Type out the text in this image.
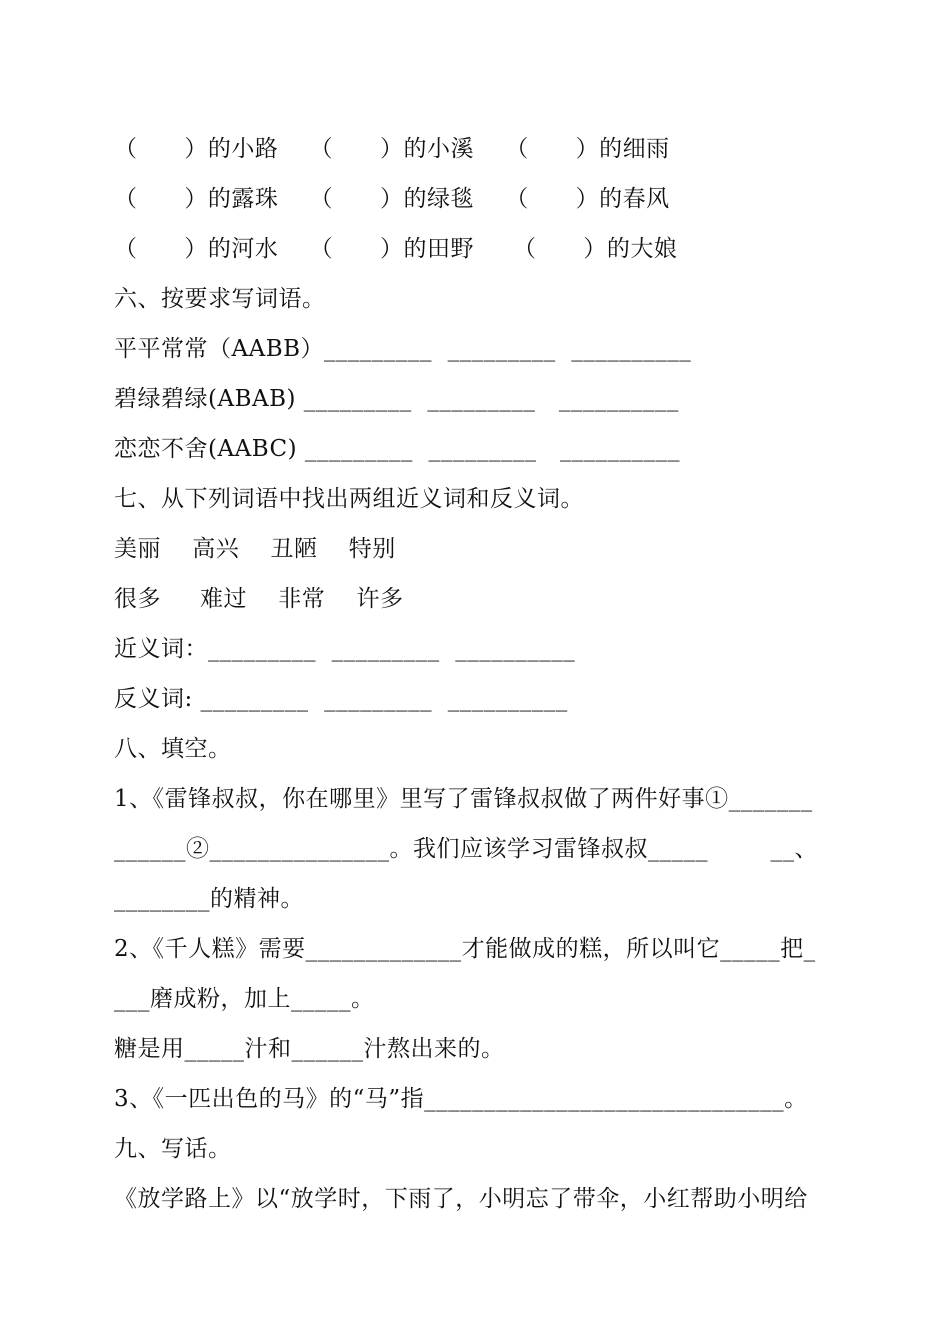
（      ）的小路    （      ）的小溪    （      ）的细雨
（      ）的露珠    （      ）的绿毯    （      ）的春风
（      ）的河水    （      ）的田野     （      ）的大娘
六、按要求写词语。
平平常常（AABB）_________  _________  __________
碧绿碧绿(ABAB) _________  _________   __________
恋恋不舍(AABC) _________  _________   __________
七、从下列词语中找出两组近义词和反义词。
美丽    高兴    丑陋    特别
很多     难过    非常    许多
近义词：_________  _________  __________
反义词: _________  _________  __________
八、填空。
1、《雷锋叔叔，你在哪里》里写了雷锋叔叔做了两件好事①_______
______②_______________。我们应该学习雷锋叔叔_____        __、
________的精神。
2、《千人糕》需要_____________才能做成的糕，所以叫它_____把_
___磨成粉，加上_____。
糖是用_____汁和______汁熬出来的。
3、《一匹出色的马》的“马”指______________________________。
九、写话。
《放学路上》以“放学时，下雨了，小明忘了带伞，小红帮助小明给
